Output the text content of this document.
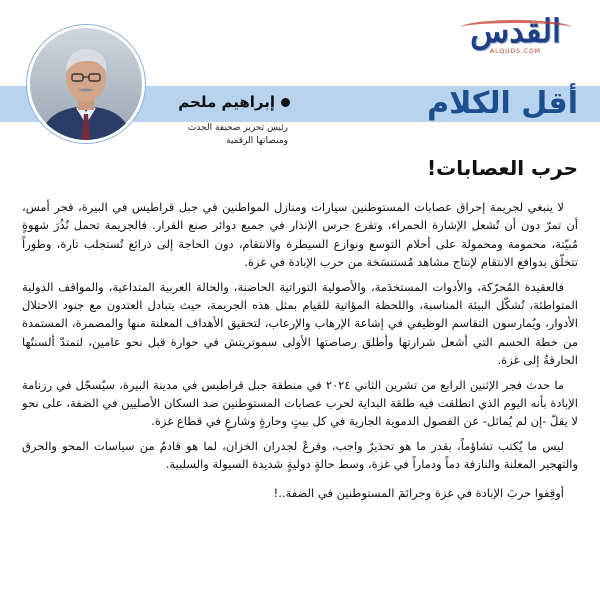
القدس
ALQUDS.COM
أقل الكلام
إبراهيم ملحم
رئيس تحرير صحيفة الحدث
ومنصاتها الرقمية
حرب العصابات!

لا ينبغي لجريمة إحراق عصابات المستوطنين سيارات ومنازل المواطنين في جبل قراطيس في البيرة، فجر أمس، أن تمرّ دون أن تُشعل الإشارة الحمراء، وتقرع جرس الإنذار في جميع دوائر صنع القرار. فالجريمة تحمل نُذُرَ شهوةٍ مُبيّتة، محمومة ومحمولة على أحلام التوسع ونوازع السيطرة والانتقام، دون الحاجة إلى ذرائع تُستجلب تارة، وطوراً تتخلّق بدوافع الانتقام لإنتاج مشاهد مُستنسَخة من حرب الإبادة في غزة.

فالعقيدة المُحرّكة، والأدوات المستخدَمة، والأصولية التوراتية الحاضنة، والحالة العربية المتداعية، والمواقف الدولية المتواطئة، تُشكّل البيئة المناسبة، واللحظة المؤاتية للقيام بمثل هذه الجريمة، حيث يتبادل العتدون مع جنود الاحتلال الأدوار، ويُمارسون التقاسم الوظيفي في إشاعة الإرهاب والإرعاب، لتحقيق الأهداف المعلنة منها والمضمرة، المستمدة من خطة الحسم التي أشعل شرارتها وأطلق رصاصتها الأولى سموتريتش في حوارة قبل نحو عامين، لتمتدّ ألسنتُها الحارقةُ إلى غزة.

ما حدث فجر الإثنين الرابع من تشرين الثاني ٢٠٢٤ في منطقة جبل قراطيس في مدينة البيرة، سيُسجّل في رزنامة الإبادة بأنه اليوم الذي انطلقت فيه طلقة البداية لحرب عصابات المستوطنين ضد السكان الأصليين في الضفة، على نحو لا يقلّ -إن لم يُماثل- عن الفصول الدموية الجارية في كل بيتٍ وحارةٍ وشارعٍ في قطاع غزة.

ليس ما يُكتب تشاؤماً، بقدر ما هو تحذيرٌ واجب، وقرعٌ لجدران الخزان، لما هو قادمٌ من سياسات المحو والحرق والتهجير المعلنة والنازفة دماً ودماراً في غزة، وسط حالةٍ دوليةٍ شديدة السيولة والسلبية.

أوقِفوا حربَ الإبادة في غزة وجرائمَ المستوطنين في الضفة..!
